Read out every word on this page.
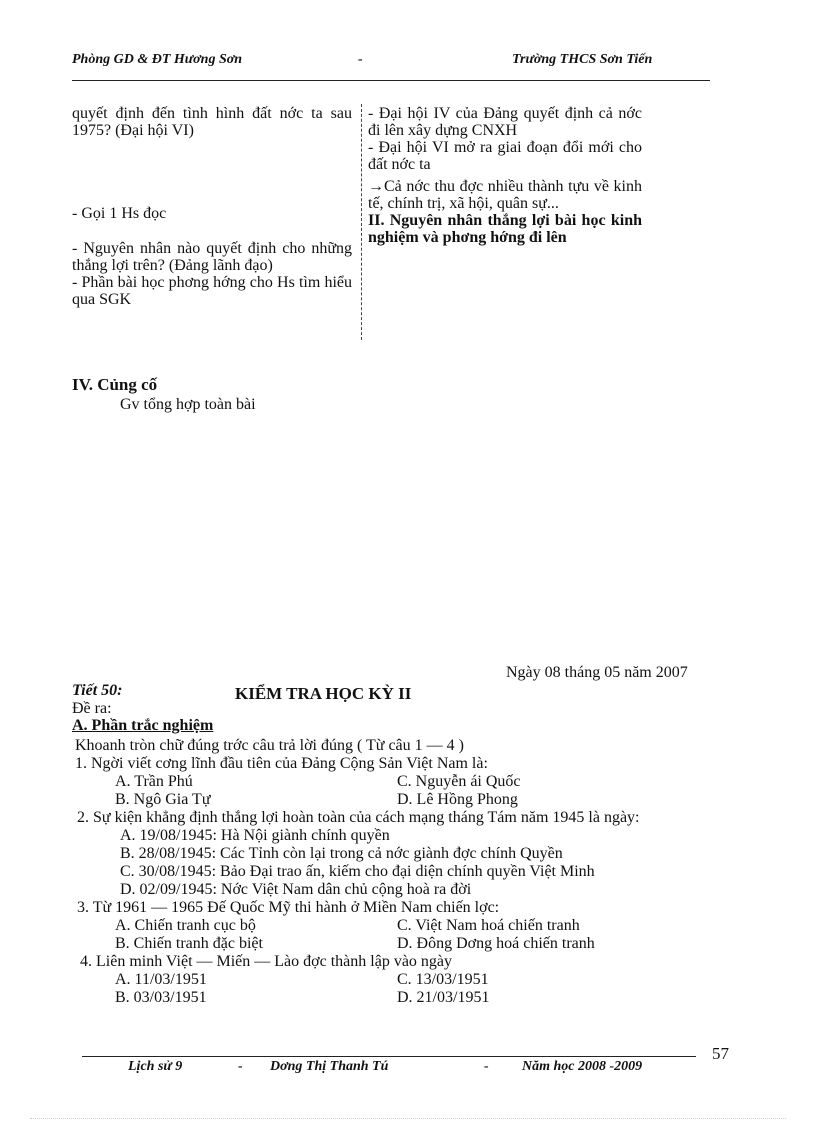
Phòng GD & ĐT Hương Sơn	-	Trường THCS Sơn Tiến

quyết định đến tình hình đất nớc ta sau 1975? (Đại hội VI)

- Gọi 1 Hs đọc

- Nguyên nhân nào quyết định cho những thắng lợi trên? (Đảng lãnh đạo)

- Phần bài học phơng hớng cho Hs tìm hiểu qua SGK

- Đại hội IV của Đảng quyết định cả nớc đi lên xây dựng CNXH

- Đại hội VI mở ra giai đoạn đổi mới cho đất nớc ta

→Cả nớc thu đợc nhiều thành tựu về kinh tế, chính trị, xã hội, quân sự...

II. Nguyên nhân thắng lợi bài học kinh nghiệm và phơng hớng đi lên

IV. Củng cố
Gv tổng hợp toàn bài
Ngày 08 tháng 05 năm 2007
Tiết 50:	KIỂM TRA HỌC KỲ II
Đề ra:
A. Phần trắc nghiệm
Khoanh tròn chữ đúng trớc câu trả lời đúng ( Từ câu 1 — 4 )
1. Ngời viết cơng lĩnh đầu tiên của Đảng Cộng Sản Việt Nam là:
A. Trần Phú	C. Nguyễn ái Quốc
B. Ngô Gia Tự	D. Lê Hồng Phong
2. Sự kiện khẳng định thắng lợi hoàn toàn của cách mạng tháng Tám năm 1945 là ngày:
A. 19/08/1945: Hà Nội giành chính quyền
B. 28/08/1945: Các Tỉnh còn lại trong cả nớc giành đợc chính Quyền
C. 30/08/1945: Bảo Đại trao ấn, kiếm cho đại diện chính quyền Việt Minh
D. 02/09/1945: Nớc Việt Nam dân chủ cộng hoà ra đời
3. Từ 1961 — 1965 Đế Quốc Mỹ thi hành ở Miền Nam chiến lợc:
A. Chiến tranh cục bộ	C. Việt Nam hoá chiến tranh
B. Chiến tranh đặc biệt	D. Đông Dơng hoá chiến tranh
4. Liên minh Việt — Miến — Lào đợc thành lập vào ngày
A. 11/03/1951	C. 13/03/1951
B. 03/03/1951	D. 21/03/1951
57
Lịch sử 9	- Dơng Thị Thanh Tú	- Năm học 2008 -2009
